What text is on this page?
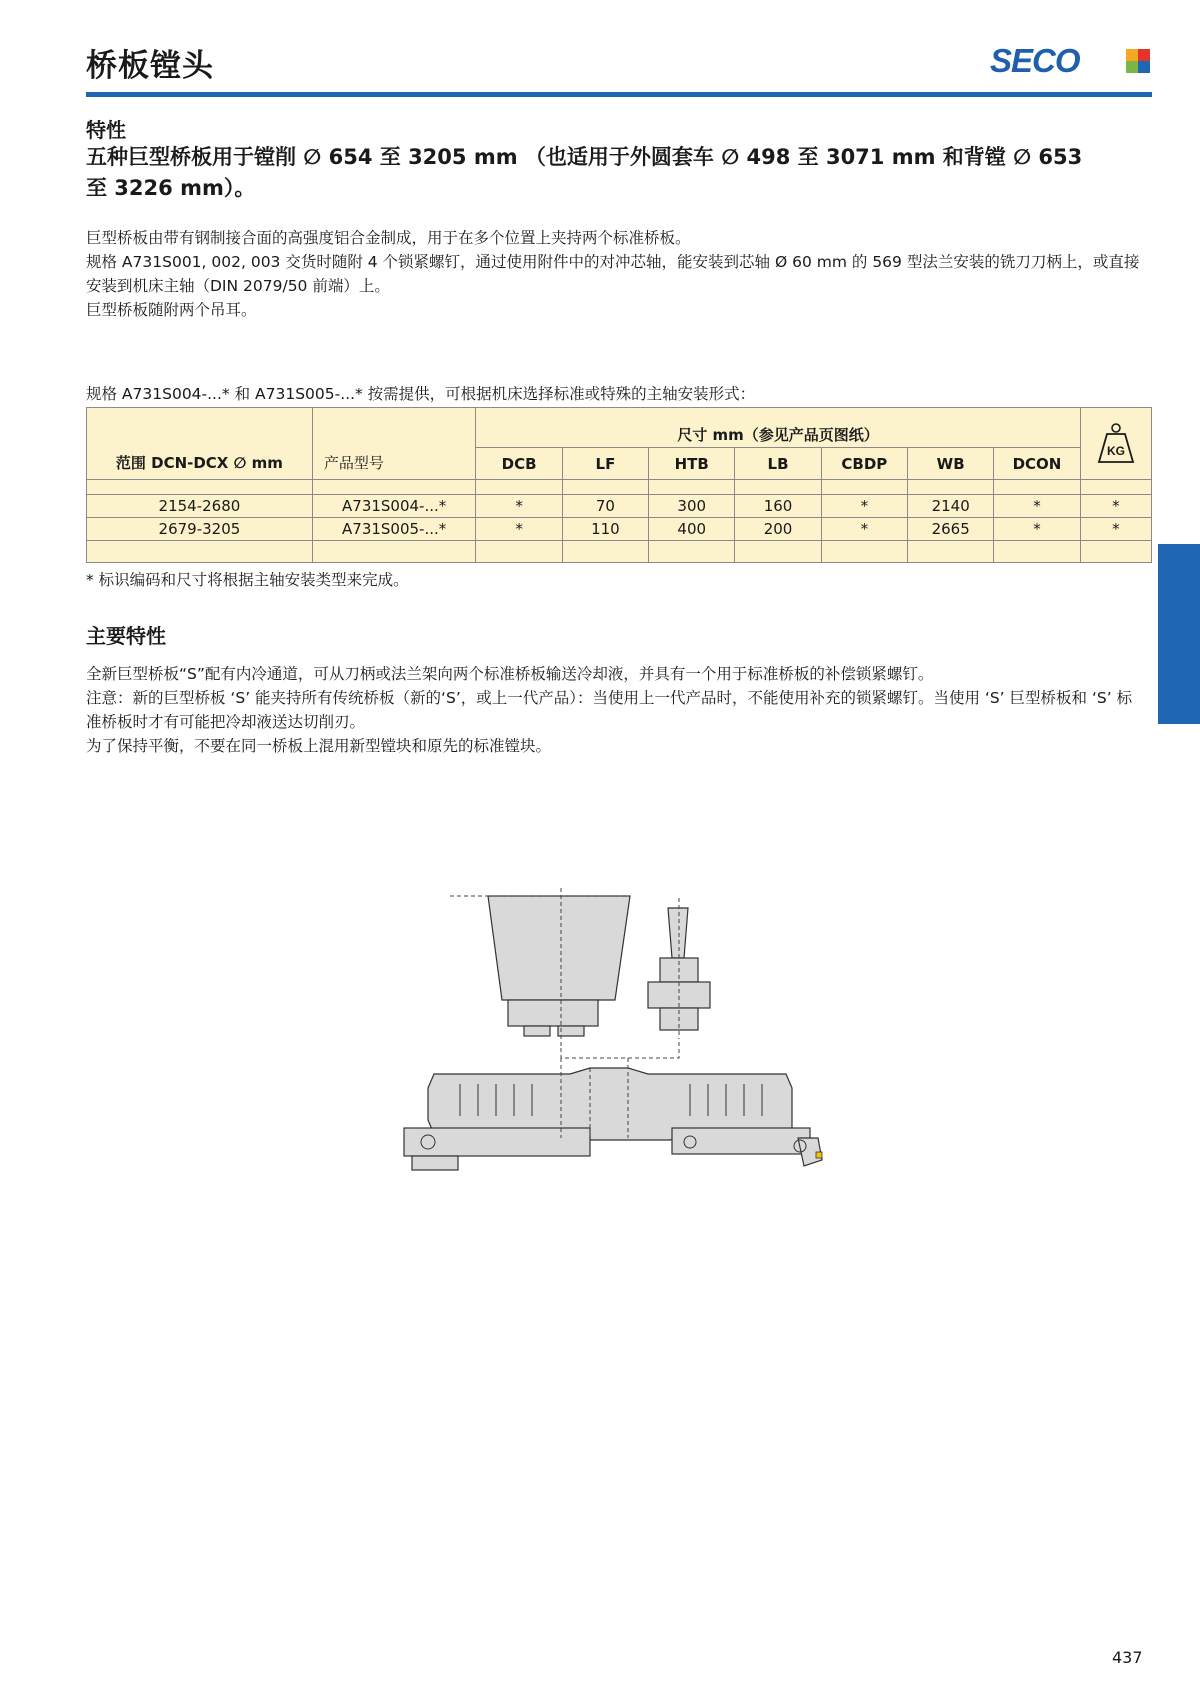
桥板镗头	SECO
特性
五种巨型桥板用于镗削 ∅ 654 至 3205 mm （也适用于外圆套车 ∅ 498 至 3071 mm 和背镗 ∅ 653 至 3226 mm）。
巨型桥板由带有钢制接合面的高强度铝合金制成，用于在多个位置上夹持两个标准桥板。
规格 A731S001, 002, 003 交货时随附 4 个锁紧螺钉，通过使用附件中的对冲芯轴，能安装到芯轴 Ø 60 mm 的 569 型法兰安装的铣刀刀柄上，或直接安装到机床主轴（DIN 2079/50 前端）上。
巨型桥板随附两个吊耳。
规格 A731S004-...* 和 A731S005-...* 按需提供，可根据机床选择标准或特殊的主轴安装形式：
范围 DCN-DCX ∅ mm	产品型号	尺寸 mm（参见产品页图纸）							KG

		DCB	LF	HTB	LB	CBDP	WB	DCON	

2154-2680	A731S004-...*	*	70	300	160	*	2140	*	*
2679-3205	A731S005-...*	*	110	400	200	*	2665	*	*

* 标识编码和尺寸将根据主轴安装类型来完成。
主要特性
全新巨型桥板“S”配有内冷通道，可从刀柄或法兰架向两个标准桥板输送冷却液，并具有一个用于标准桥板的补偿锁紧螺钉。
注意：新的巨型桥板 ‘S’ 能夹持所有传统桥板（新的‘S’，或上一代产品）：当使用上一代产品时，不能使用补充的锁紧螺钉。当使用 ‘S’ 巨型桥板和 ‘S’ 标准桥板时才有可能把冷却液送达切削刃。
为了保持平衡，不要在同一桥板上混用新型镗块和原先的标准镗块。
437
